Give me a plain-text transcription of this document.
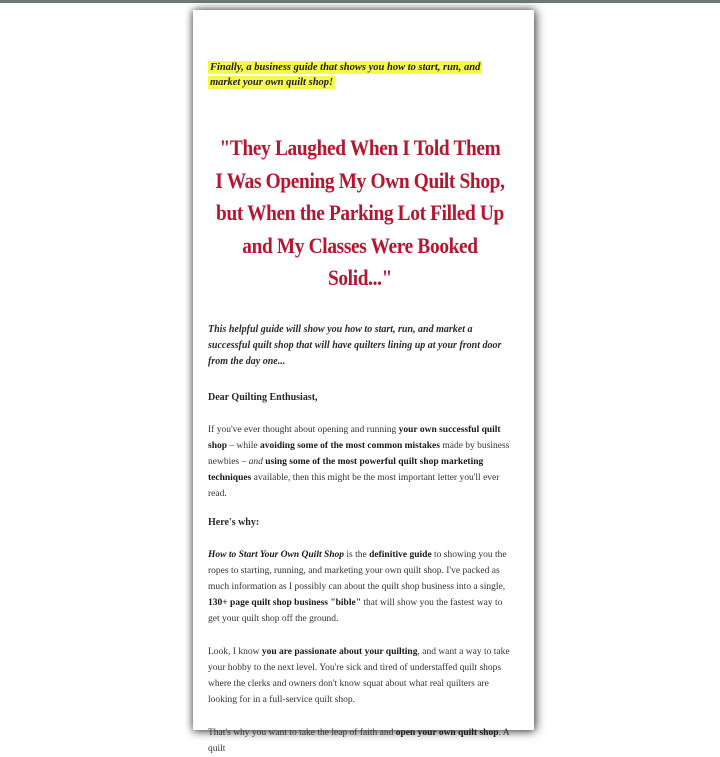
Finally, a business guide that shows you how to start, run, and market your own quilt shop!
"They Laughed When I Told Them I Was Opening My Own Quilt Shop, but When the Parking Lot Filled Up and My Classes Were Booked Solid..."
This helpful guide will show you how to start, run, and market a successful quilt shop that will have quilters lining up at your front door from the day one...
Dear Quilting Enthusiast,
If you've ever thought about opening and running your own successful quilt shop – while avoiding some of the most common mistakes made by business newbies – and using some of the most powerful quilt shop marketing techniques available, then this might be the most important letter you'll ever read.
Here's why:
How to Start Your Own Quilt Shop is the definitive guide to showing you the ropes to starting, running, and marketing your own quilt shop. I've packed as much information as I possibly can about the quilt shop business into a single, 130+ page quilt shop business "bible" that will show you the fastest way to get your quilt shop off the ground.
Look, I know you are passionate about your quilting, and want a way to take your hobby to the next level. You're sick and tired of understaffed quilt shops where the clerks and owners don't know squat about what real quilters are looking for in a full-service quilt shop.
That's why you want to take the leap of faith and open your own quilt shop. A quilt
